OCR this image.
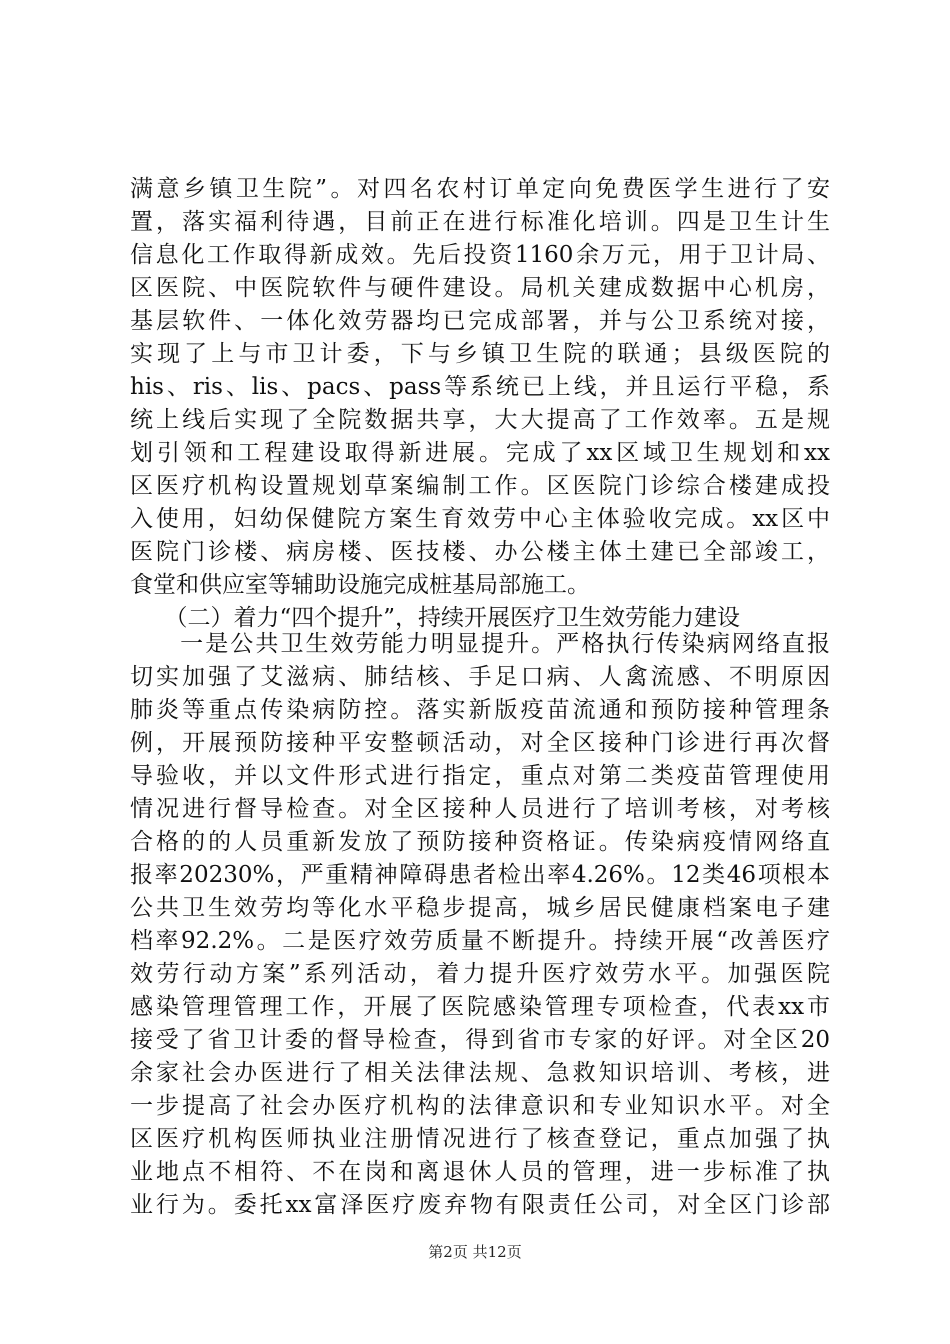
满意乡镇卫生院”。对四名农村订单定向免费医学生进行了安
置，落实福利待遇，目前正在进行标准化培训。四是卫生计生
信息化工作取得新成效。先后投资1160余万元，用于卫计局、
区医院、中医院软件与硬件建设。局机关建成数据中心机房，
基层软件、一体化效劳器均已完成部署，并与公卫系统对接，
实现了上与市卫计委，下与乡镇卫生院的联通；县级医院的
his、ris、lis、pacs、pass等系统已上线，并且运行平稳，系
统上线后实现了全院数据共享，大大提高了工作效率。五是规
划引领和工程建设取得新进展。完成了xx区域卫生规划和xx
区医疗机构设置规划草案编制工作。区医院门诊综合楼建成投
入使用，妇幼保健院方案生育效劳中心主体验收完成。xx区中
医院门诊楼、病房楼、医技楼、办公楼主体土建已全部竣工，
食堂和供应室等辅助设施完成桩基局部施工。
　　（二）着力“四个提升”，持续开展医疗卫生效劳能力建设
　　一是公共卫生效劳能力明显提升。严格执行传染病网络直报
切实加强了艾滋病、肺结核、手足口病、人禽流感、不明原因
肺炎等重点传染病防控。落实新版疫苗流通和预防接种管理条
例，开展预防接种平安整顿活动，对全区接种门诊进行再次督
导验收，并以文件形式进行指定，重点对第二类疫苗管理使用
情况进行督导检查。对全区接种人员进行了培训考核，对考核
合格的的人员重新发放了预防接种资格证。传染病疫情网络直
报率20230%，严重精神障碍患者检出率4.26%。12类46项根本
公共卫生效劳均等化水平稳步提高，城乡居民健康档案电子建
档率92.2%。二是医疗效劳质量不断提升。持续开展“改善医疗
效劳行动方案”系列活动，着力提升医疗效劳水平。加强医院
感染管理管理工作，开展了医院感染管理专项检查，代表xx市
接受了省卫计委的督导检查，得到省市专家的好评。对全区20
余家社会办医进行了相关法律法规、急救知识培训、考核，进
一步提高了社会办医疗机构的法律意识和专业知识水平。对全
区医疗机构医师执业注册情况进行了核查登记，重点加强了执
业地点不相符、不在岗和离退休人员的管理，进一步标准了执
业行为。委托xx富泽医疗废弃物有限责任公司，对全区门诊部
第2页 共12页
